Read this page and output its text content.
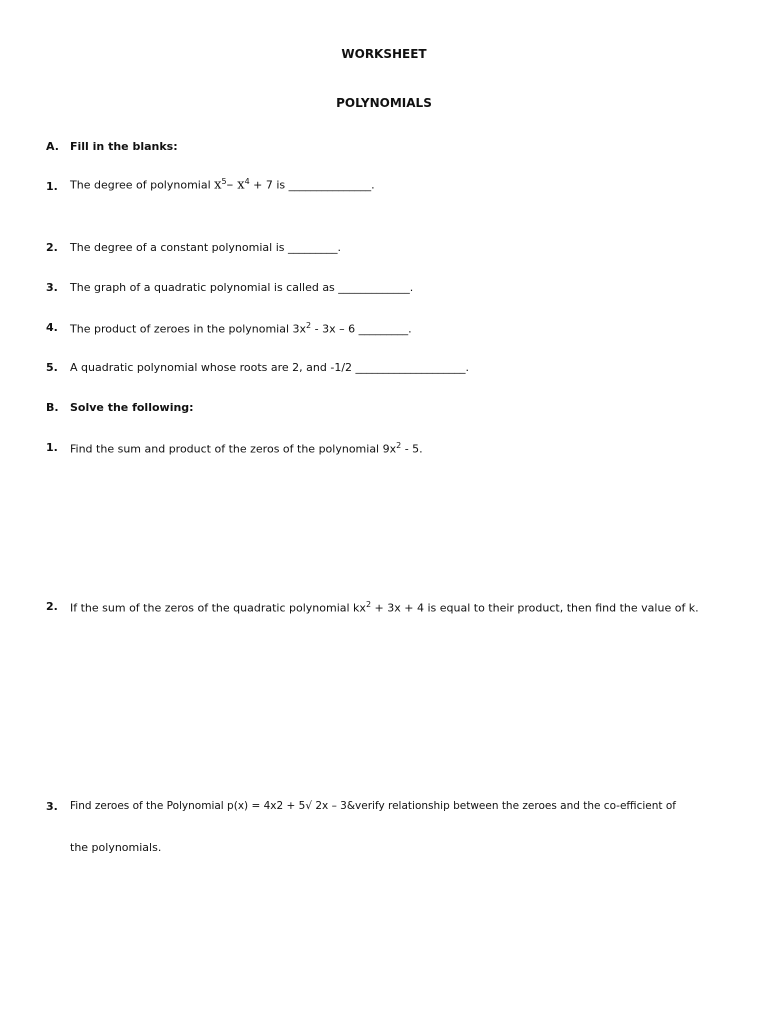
WORKSHEET
POLYNOMIALS
A. Fill in the blanks:
1. The degree of polynomial $x^5-$ $x^4 + 7$ is _______________.
2. The degree of a constant polynomial is _________.
3. The graph of a quadratic polynomial is called as _____________.
4. The product of zeroes in the polynomial $3x^2 - 3x - 6$ _________.
5. A quadratic polynomial whose roots are 2, and -1/2 ____________________.
B. Solve the following:
1. Find the sum and product of the zeros of the polynomial $9x^2 - 5$.
2. If the sum of the zeros of the quadratic polynomial $kx^2 + 3x + 4$ is equal to their product, then find the value of k.
3. Find zeroes of the Polynomial p(x) = 4x2 + 5√ 2x – 3&verify relationship between the zeroes and the co-efficient of
the polynomials.
